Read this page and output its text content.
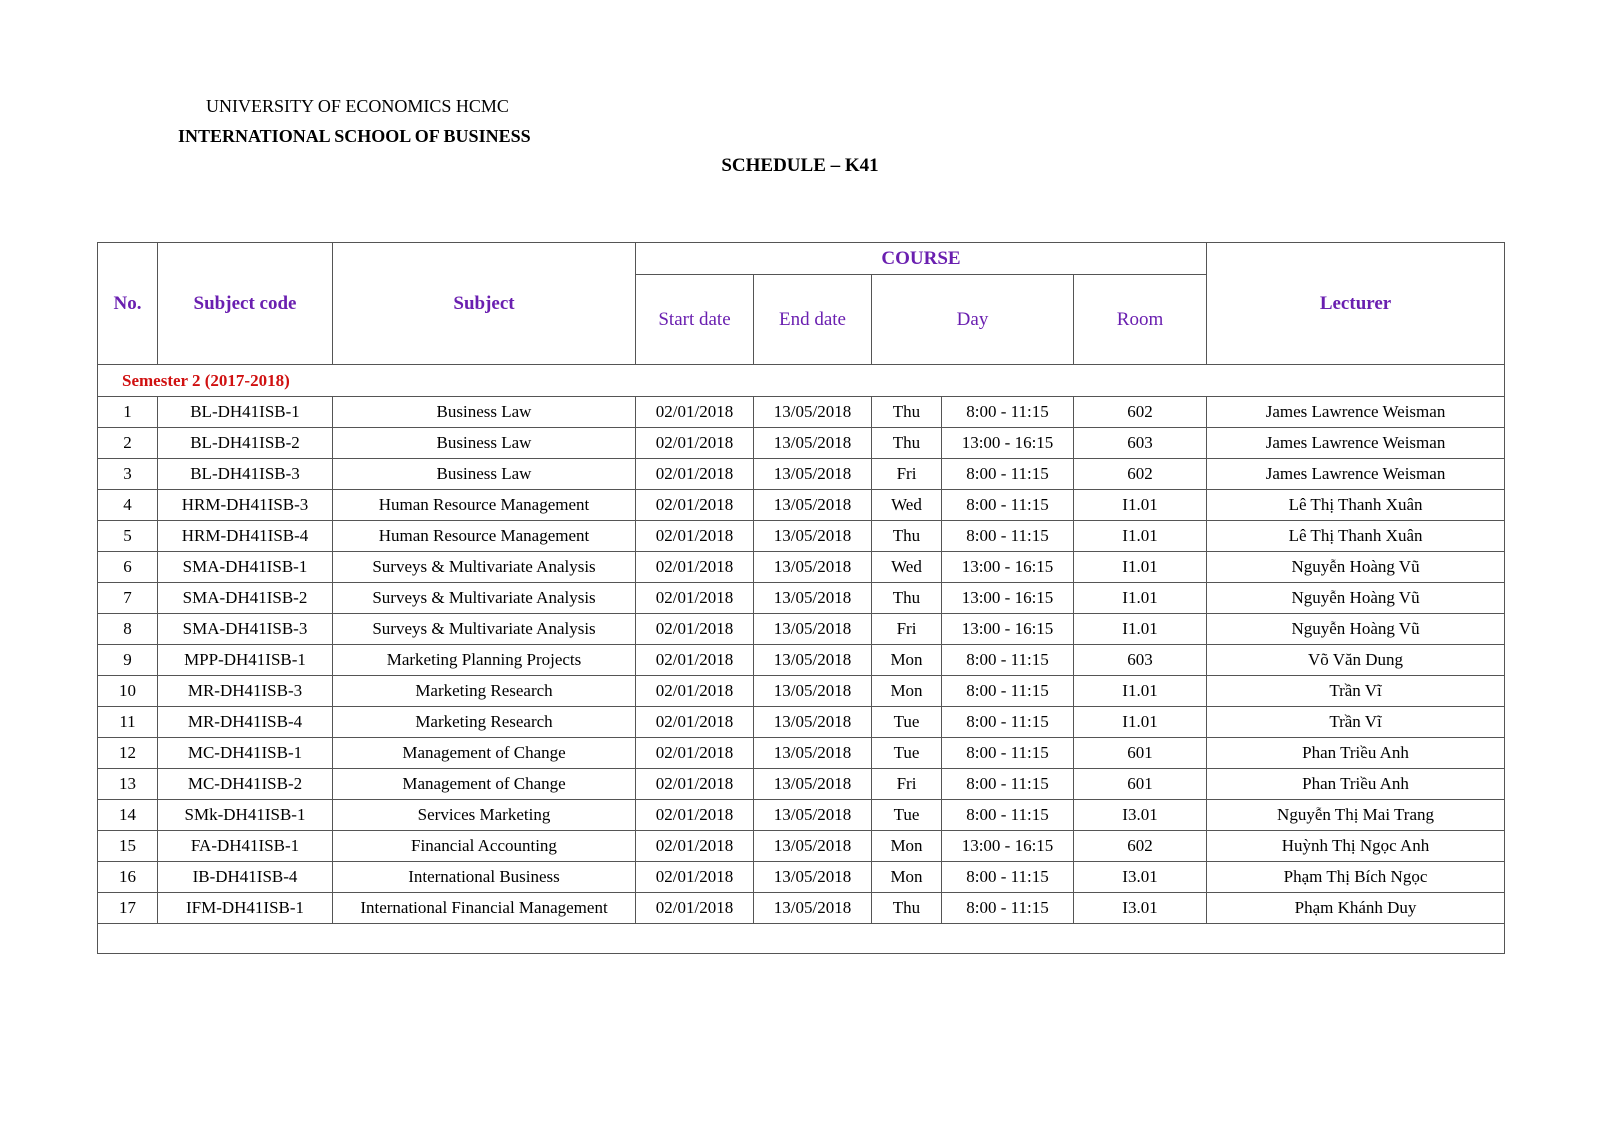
UNIVERSITY OF ECONOMICS HCMC
INTERNATIONAL SCHOOL OF BUSINESS
SCHEDULE – K41
No.	Subject code	Subject	COURSE					Lecturer
			Start date	End date	Day		Room	
Semester 2 (2017-2018)								
1	BL-DH41ISB-1	Business Law	02/01/2018	13/05/2018	Thu	8:00 - 11:15	602	James Lawrence Weisman
2	BL-DH41ISB-2	Business Law	02/01/2018	13/05/2018	Thu	13:00 - 16:15	603	James Lawrence Weisman
3	BL-DH41ISB-3	Business Law	02/01/2018	13/05/2018	Fri	8:00 - 11:15	602	James Lawrence Weisman
4	HRM-DH41ISB-3	Human Resource Management	02/01/2018	13/05/2018	Wed	8:00 - 11:15	I1.01	Lê Thị Thanh Xuân
5	HRM-DH41ISB-4	Human Resource Management	02/01/2018	13/05/2018	Thu	8:00 - 11:15	I1.01	Lê Thị Thanh Xuân
6	SMA-DH41ISB-1	Surveys & Multivariate Analysis	02/01/2018	13/05/2018	Wed	13:00 - 16:15	I1.01	Nguyễn Hoàng Vũ
7	SMA-DH41ISB-2	Surveys & Multivariate Analysis	02/01/2018	13/05/2018	Thu	13:00 - 16:15	I1.01	Nguyễn Hoàng Vũ
8	SMA-DH41ISB-3	Surveys & Multivariate Analysis	02/01/2018	13/05/2018	Fri	13:00 - 16:15	I1.01	Nguyễn Hoàng Vũ
9	MPP-DH41ISB-1	Marketing Planning Projects	02/01/2018	13/05/2018	Mon	8:00 - 11:15	603	Võ Văn Dung
10	MR-DH41ISB-3	Marketing Research	02/01/2018	13/05/2018	Mon	8:00 - 11:15	I1.01	Trần Vĩ
11	MR-DH41ISB-4	Marketing Research	02/01/2018	13/05/2018	Tue	8:00 - 11:15	I1.01	Trần Vĩ
12	MC-DH41ISB-1	Management of Change	02/01/2018	13/05/2018	Tue	8:00 - 11:15	601	Phan Triều Anh
13	MC-DH41ISB-2	Management of Change	02/01/2018	13/05/2018	Fri	8:00 - 11:15	601	Phan Triều Anh
14	SMk-DH41ISB-1	Services Marketing	02/01/2018	13/05/2018	Tue	8:00 - 11:15	I3.01	Nguyễn Thị Mai Trang
15	FA-DH41ISB-1	Financial Accounting	02/01/2018	13/05/2018	Mon	13:00 - 16:15	602	Huỳnh Thị Ngọc Anh
16	IB-DH41ISB-4	International Business	02/01/2018	13/05/2018	Mon	8:00 - 11:15	I3.01	Phạm Thị Bích Ngọc
17	IFM-DH41ISB-1	International Financial Management	02/01/2018	13/05/2018	Thu	8:00 - 11:15	I3.01	Phạm Khánh Duy
